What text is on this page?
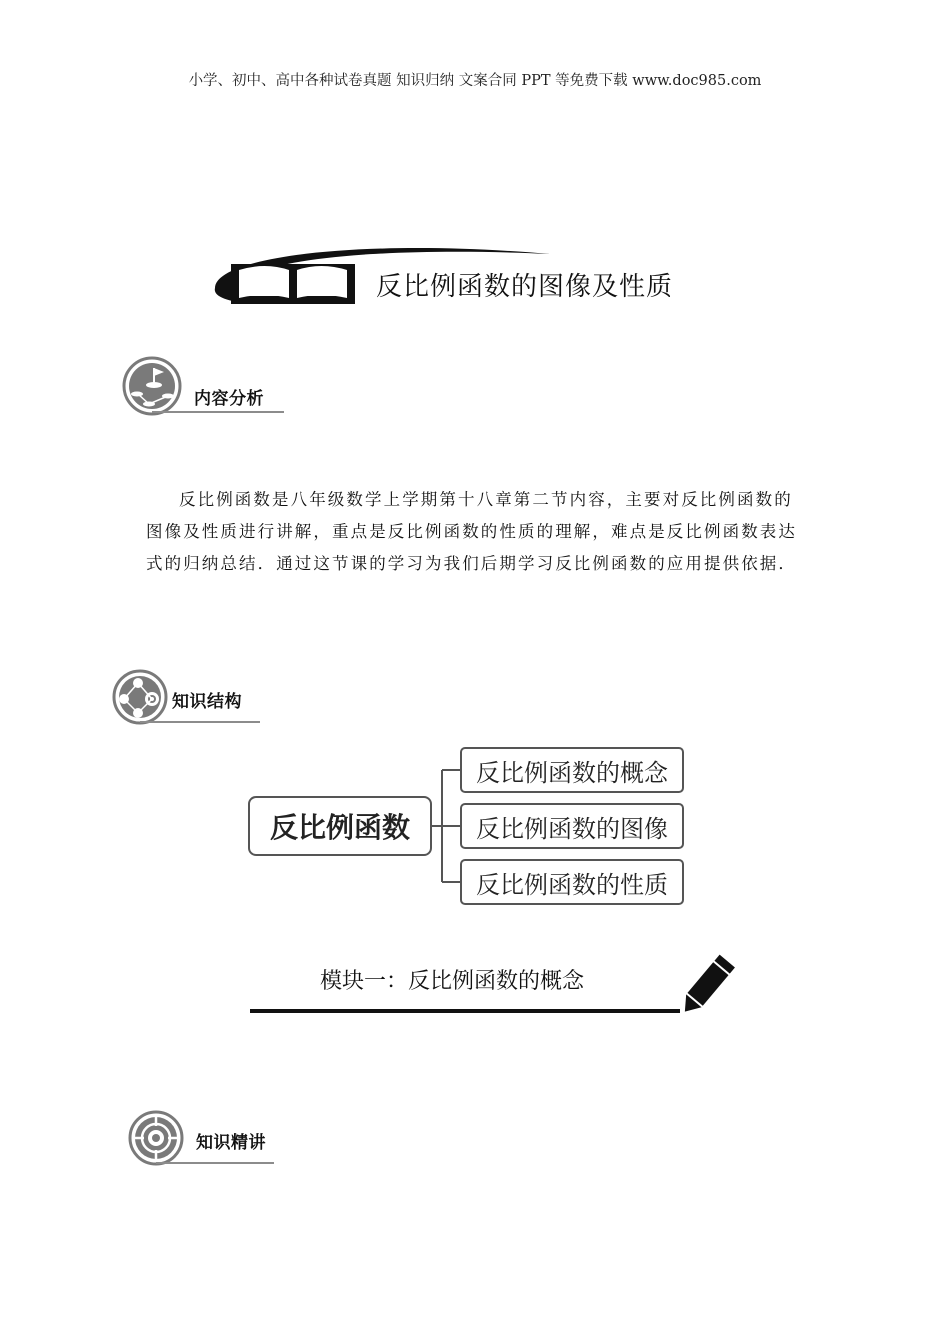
小学、初中、高中各种试卷真题 知识归纳 文案合同 PPT 等免费下载 www.doc985.com
反比例函数的图像及性质
内容分析

反比例函数是八年级数学上学期第十八章第二节内容，主要对反比例函数的图像及性质进行讲解，重点是反比例函数的性质的理解，难点是反比例函数表达式的归纳总结．通过这节课的学习为我们后期学习反比例函数的应用提供依据．

知识结构
反比例函数
反比例函数的概念
反比例函数的图像
反比例函数的性质
模块一：反比例函数的概念
知识精讲
